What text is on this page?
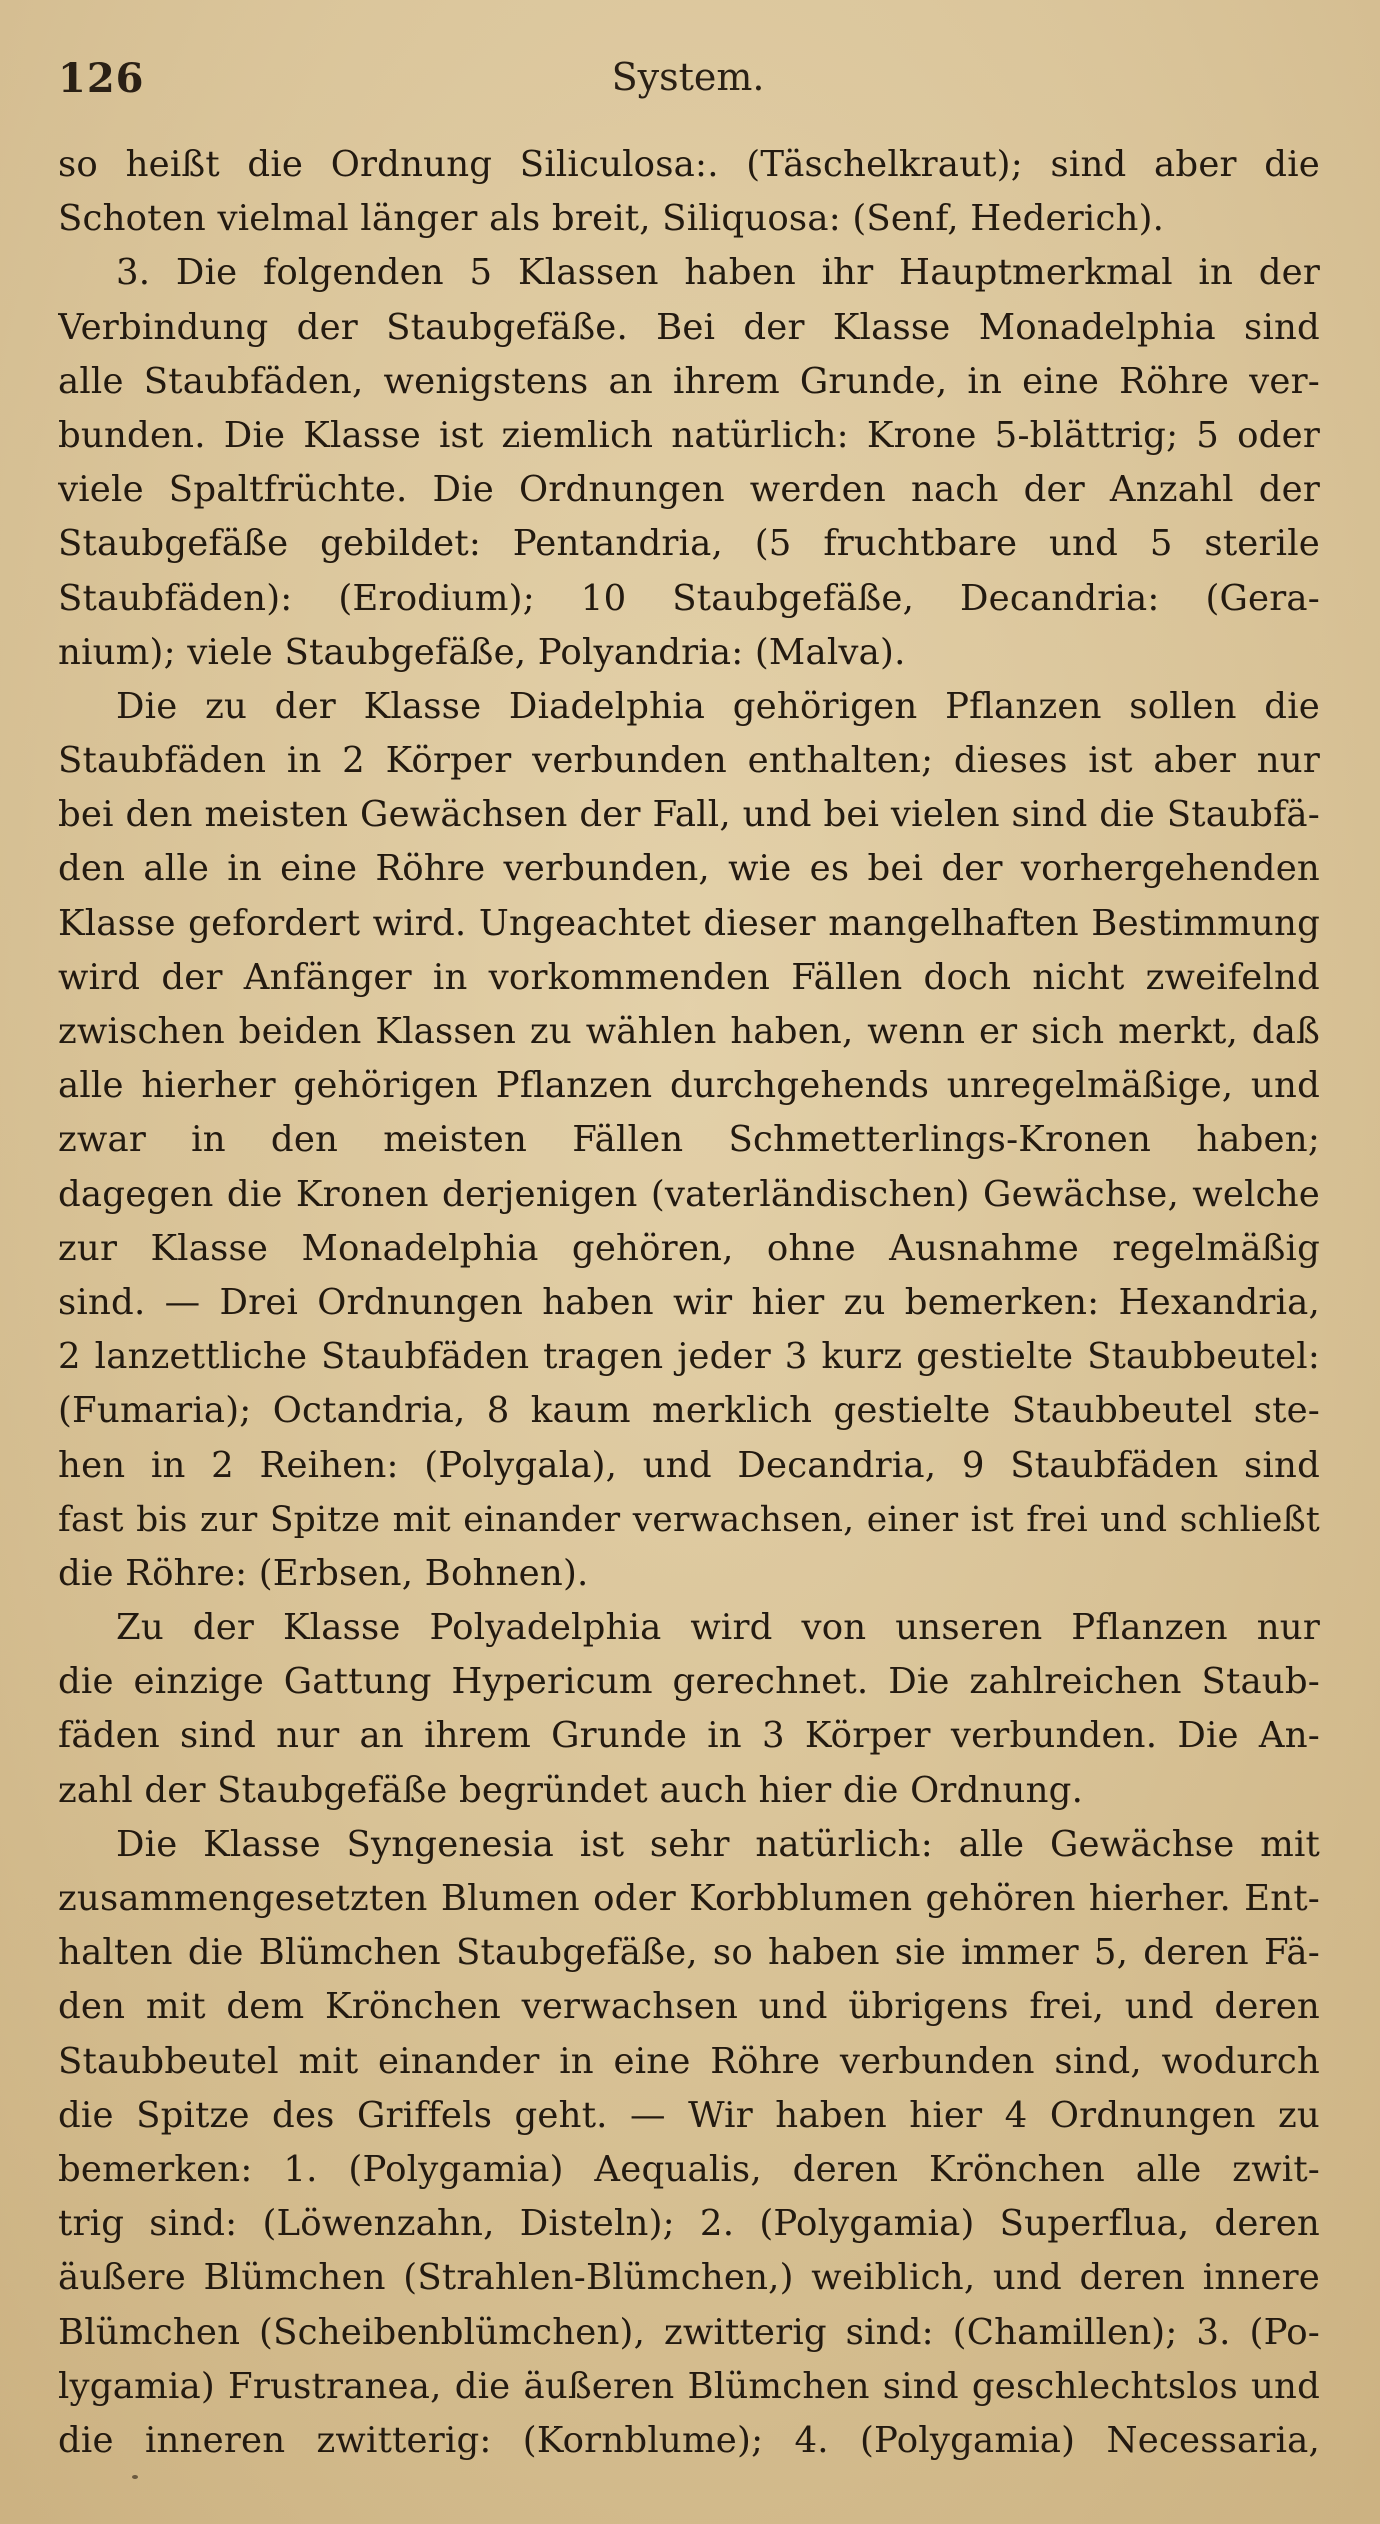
126	System.
so heißt die Ordnung Siliculosa:. (Täschelkraut); sind aber die
Schoten vielmal länger als breit, Siliquosa: (Senf, Hederich).
3. Die folgenden 5 Klassen haben ihr Hauptmerkmal in der
Verbindung der Staubgefäße. Bei der Klasse Monadelphia sind
alle Staubfäden, wenigstens an ihrem Grunde, in eine Röhre ver-
bunden. Die Klasse ist ziemlich natürlich: Krone 5-blättrig; 5 oder
viele Spaltfrüchte. Die Ordnungen werden nach der Anzahl der
Staubgefäße gebildet: Pentandria, (5 fruchtbare und 5 sterile
Staubfäden): (Erodium); 10 Staubgefäße, Decandria: (Gera-
nium); viele Staubgefäße, Polyandria: (Malva).
Die zu der Klasse Diadelphia gehörigen Pflanzen sollen die
Staubfäden in 2 Körper verbunden enthalten; dieses ist aber nur
bei den meisten Gewächsen der Fall, und bei vielen sind die Staubfä-
den alle in eine Röhre verbunden, wie es bei der vorhergehenden
Klasse gefordert wird. Ungeachtet dieser mangelhaften Bestimmung
wird der Anfänger in vorkommenden Fällen doch nicht zweifelnd
zwischen beiden Klassen zu wählen haben, wenn er sich merkt, daß
alle hierher gehörigen Pflanzen durchgehends unregelmäßige, und
zwar in den meisten Fällen Schmetterlings-Kronen haben;
dagegen die Kronen derjenigen (vaterländischen) Gewächse, welche
zur Klasse Monadelphia gehören, ohne Ausnahme regelmäßig
sind. — Drei Ordnungen haben wir hier zu bemerken: Hexandria,
2 lanzettliche Staubfäden tragen jeder 3 kurz gestielte Staubbeutel:
(Fumaria); Octandria, 8 kaum merklich gestielte Staubbeutel ste-
hen in 2 Reihen: (Polygala), und Decandria, 9 Staubfäden sind
fast bis zur Spitze mit einander verwachsen, einer ist frei und schließt
die Röhre: (Erbsen, Bohnen).
Zu der Klasse Polyadelphia wird von unseren Pflanzen nur
die einzige Gattung Hypericum gerechnet. Die zahlreichen Staub-
fäden sind nur an ihrem Grunde in 3 Körper verbunden. Die An-
zahl der Staubgefäße begründet auch hier die Ordnung.
Die Klasse Syngenesia ist sehr natürlich: alle Gewächse mit
zusammengesetzten Blumen oder Korbblumen gehören hierher. Ent-
halten die Blümchen Staubgefäße, so haben sie immer 5, deren Fä-
den mit dem Krönchen verwachsen und übrigens frei, und deren
Staubbeutel mit einander in eine Röhre verbunden sind, wodurch
die Spitze des Griffels geht. — Wir haben hier 4 Ordnungen zu
bemerken: 1. (Polygamia) Aequalis, deren Krönchen alle zwit-
trig sind: (Löwenzahn, Disteln); 2. (Polygamia) Superflua, deren
äußere Blümchen (Strahlen-Blümchen,) weiblich, und deren innere
Blümchen (Scheibenblümchen), zwitterig sind: (Chamillen); 3. (Po-
lygamia) Frustranea, die äußeren Blümchen sind geschlechtslos und
die inneren zwitterig: (Kornblume); 4. (Polygamia) Necessaria,
